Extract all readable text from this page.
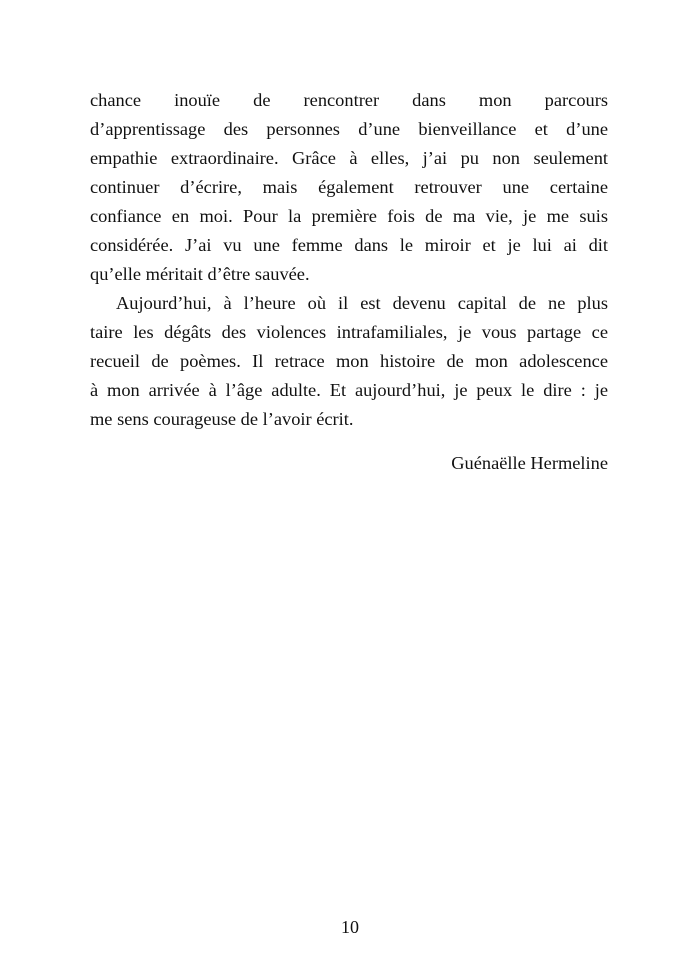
chance inouïe de rencontrer dans mon parcours
d’apprentissage des personnes d’une bienveillance et d’une
empathie extraordinaire. Grâce à elles, j’ai pu non seulement
continuer d’écrire, mais également retrouver une certaine
confiance en moi. Pour la première fois de ma vie, je me suis
considérée. J’ai vu une femme dans le miroir et je lui ai dit
qu’elle méritait d’être sauvée.
Aujourd’hui, à l’heure où il est devenu capital de ne plus
taire les dégâts des violences intrafamiliales, je vous partage ce
recueil de poèmes. Il retrace mon histoire de mon adolescence
à mon arrivée à l’âge adulte. Et aujourd’hui, je peux le dire : je
me sens courageuse de l’avoir écrit.
Guénaëlle Hermeline
10
